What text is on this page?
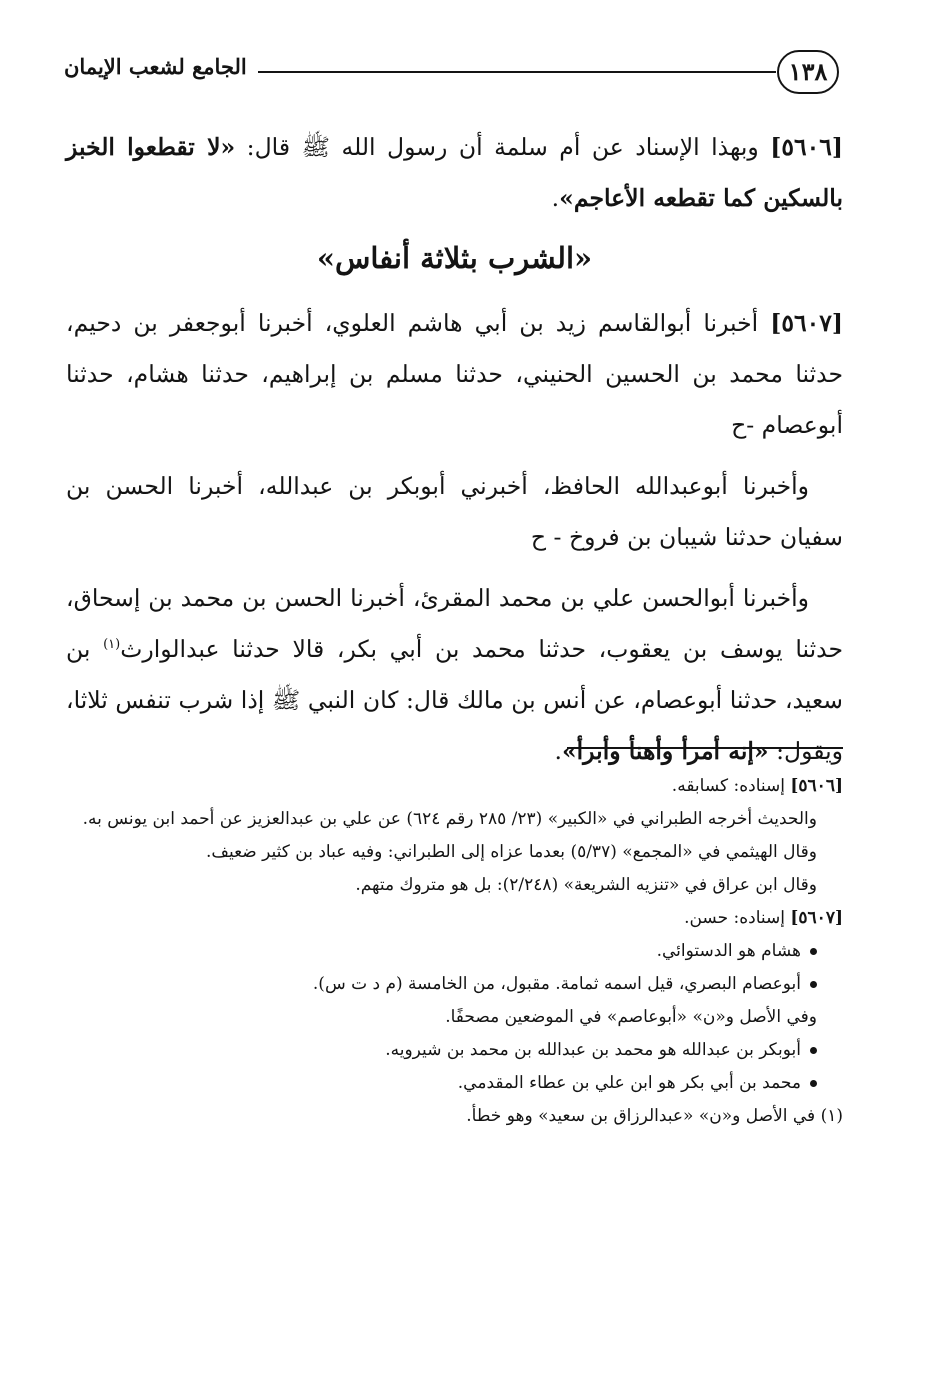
١٣٨
الجامع لشعب الإيمان

[٥٦٠٦] وبهذا الإسناد عن أم سلمة أن رسول الله ﷺ قال: «لا تقطعوا الخبز بالسكين كما تقطعه الأعاجم».

«الشرب بثلاثة أنفاس»

[٥٦٠٧] أخبرنا أبوالقاسم زيد بن أبي هاشم العلوي، أخبرنا أبوجعفر بن دحيم، حدثنا محمد بن الحسين الحنيني، حدثنا مسلم بن إبراهيم، حدثنا هشام، حدثنا أبوعصام -ح

وأخبرنا أبوعبدالله الحافظ، أخبرني أبوبكر بن عبدالله، أخبرنا الحسن بن سفيان حدثنا شيبان بن فروخ - ح

وأخبرنا أبوالحسن علي بن محمد المقرئ، أخبرنا الحسن بن محمد بن إسحاق، حدثنا يوسف بن يعقوب، حدثنا محمد بن أبي بكر، قالا حدثنا عبدالوارث$^{(١)}$ بن سعيد، حدثنا أبوعصام، عن أنس بن مالك قال: كان النبي ﷺ إذا شرب تنفس ثلاثا، ويقول: «إنه أمرأ وأهنأ وأبرأ».

[٥٦٠٦] إسناده: كسابقه.

والحديث أخرجه الطبراني في «الكبير» (٢٣/ ٢٨٥ رقم ٦٢٤) عن علي بن عبدالعزيز عن أحمد ابن يونس به.

وقال الهيثمي في «المجمع» (٥/٣٧) بعدما عزاه إلى الطبراني: وفيه عباد بن كثير ضعيف.

وقال ابن عراق في «تنزيه الشريعة» (٢/٢٤٨): بل هو متروك متهم.

[٥٦٠٧] إسناده: حسن.

هشام هو الدستوائي.
أبوعصام البصري، قيل اسمه ثمامة. مقبول، من الخامسة (م د ت س).

وفي الأصل و«ن» «أبوعاصم» في الموضعين مصحفًا.

أبوبكر بن عبدالله هو محمد بن عبدالله بن محمد بن شيرويه.
محمد بن أبي بكر هو ابن علي بن عطاء المقدمي.

(١) في الأصل و«ن» «عبدالرزاق بن سعيد» وهو خطأ.
